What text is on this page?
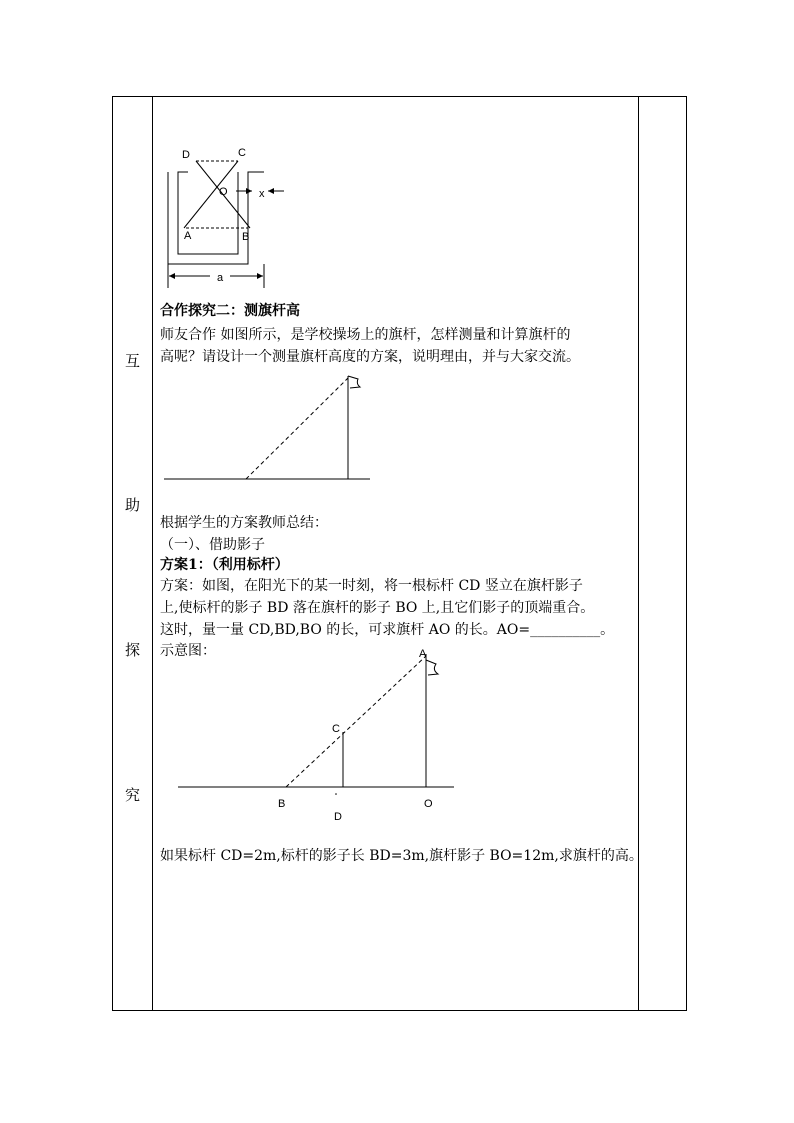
互
助
探
究
D	C
O	x
A	B
a
合作探究二：测旗杆高
师友合作 如图所示，是学校操场上的旗杆，怎样测量和计算旗杆的
高呢？请设计一个测量旗杆高度的方案，说明理由，并与大家交流。
根据学生的方案教师总结：
（一）、借助影子
方案1：（利用标杆）
方案：如图，在阳光下的某一时刻，将一根标杆 CD 竖立在旗杆影子
上,使标杆的影子 BD 落在旗杆的影子 BO 上,且它们影子的顶端重合。
这时，量一量 CD,BD,BO 的长，可求旗杆 AO 的长。AO=__________。
示意图：	A
C
B
D
O
如果标杆 CD=2m,标杆的影子长 BD=3m,旗杆影子 BO=12m,求旗杆的高。
